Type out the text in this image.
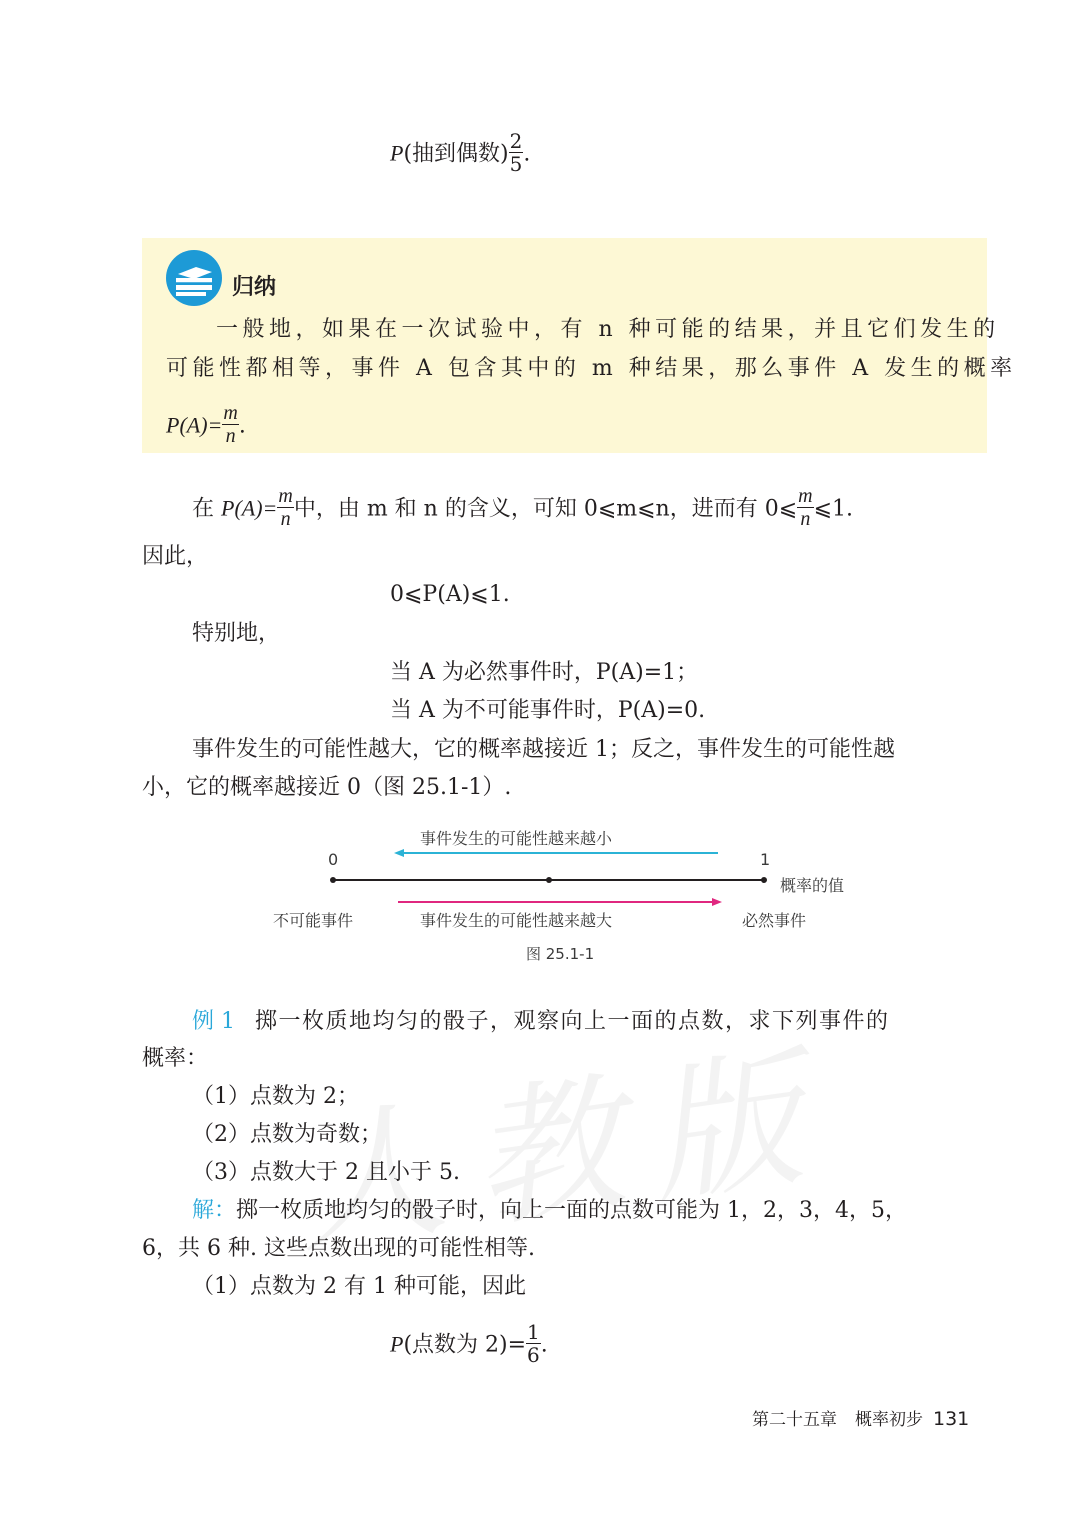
P(抽到偶数) $\frac{2}{5}$ .
归纳
一般地，如果在一次试验中，有 n 种可能的结果，并且它们发生的
可能性都相等，事件 A 包含其中的 m 种结果，那么事件 A 发生的概率
$P(A)= \frac{m}{n}$ .
在 $P(A)= \frac{m}{n}$ 中，由 m 和 n 的含义，可知 0⩽m⩽n，进而有 0⩽ $\frac{m}{n}$ ⩽1.
因此，
0⩽P(A)⩽1.
特别地，
当 A 为必然事件时，P(A)=1；
当 A 为不可能事件时，P(A)=0.
事件发生的可能性越大，它的概率越接近 1；反之，事件发生的可能性越
小，它的概率越接近 0（图 25.1-1）.
事件发生的可能性越来越小
0	1
概率的值
不可能事件	事件发生的可能性越来越大	必然事件
图 25.1-1
例 1 掷一枚质地均匀的骰子，观察向上一面的点数，求下列事件的
概率：
（1）点数为 2；
（2）点数为奇数；
（3）点数大于 2 且小于 5.
解：掷一枚质地均匀的骰子时，向上一面的点数可能为 1，2，3，4，5，
6，共 6 种. 这些点数出现的可能性相等.
（1）点数为 2 有 1 种可能，因此
P(点数为 $2)= \frac{1}{6}$ .
第二十五章 概率初步 131
